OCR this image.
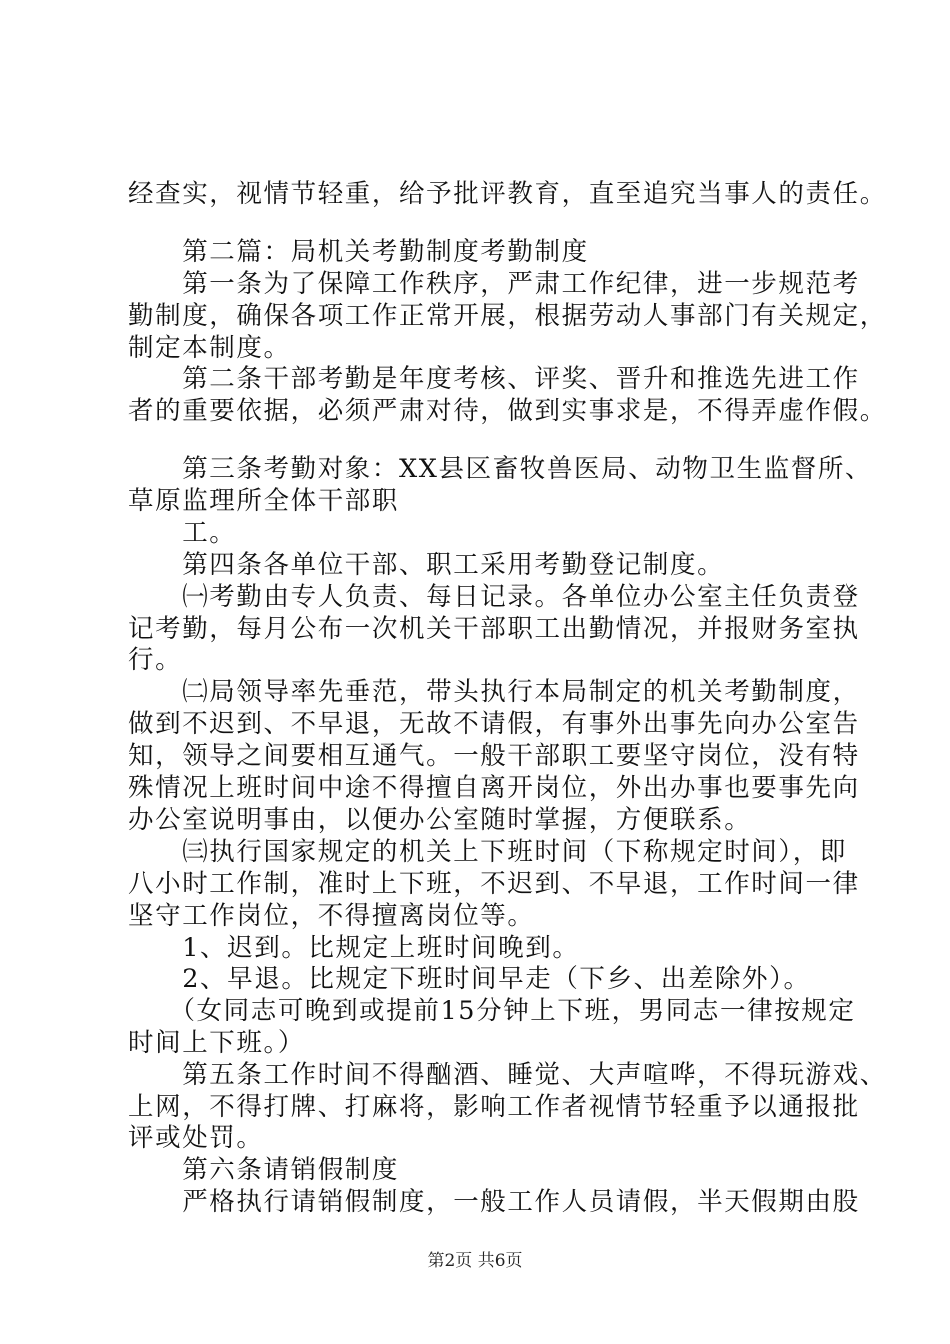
经查实，视情节轻重，给予批评教育，直至追究当事人的责任。
　　第二篇：局机关考勤制度考勤制度
　　第一条为了保障工作秩序，严肃工作纪律，进一步规范考
勤制度，确保各项工作正常开展，根据劳动人事部门有关规定，
制定本制度。
　　第二条干部考勤是年度考核、评奖、晋升和推选先进工作
者的重要依据，必须严肃对待，做到实事求是，不得弄虚作假。
　　第三条考勤对象：XX县区畜牧兽医局、动物卫生监督所、
草原监理所全体干部职
　　工。
　　第四条各单位干部、职工采用考勤登记制度。
　　㈠考勤由专人负责、每日记录。各单位办公室主任负责登
记考勤，每月公布一次机关干部职工出勤情况，并报财务室执
行。
　　㈡局领导率先垂范，带头执行本局制定的机关考勤制度，
做到不迟到、不早退，无故不请假，有事外出事先向办公室告
知，领导之间要相互通气。一般干部职工要坚守岗位，没有特
殊情况上班时间中途不得擅自离开岗位，外出办事也要事先向
办公室说明事由，以便办公室随时掌握，方便联系。
　　㈢执行国家规定的机关上下班时间（下称规定时间），即
八小时工作制，准时上下班，不迟到、不早退，工作时间一律
坚守工作岗位，不得擅离岗位等。
　　1、迟到。比规定上班时间晚到。
　　2、早退。比规定下班时间早走（下乡、出差除外）。
　　（女同志可晚到或提前15分钟上下班，男同志一律按规定
时间上下班。）
　　第五条工作时间不得酗酒、睡觉、大声喧哗，不得玩游戏、
上网，不得打牌、打麻将，影响工作者视情节轻重予以通报批
评或处罚。
　　第六条请销假制度
　　严格执行请销假制度，一般工作人员请假，半天假期由股
第2页 共6页
